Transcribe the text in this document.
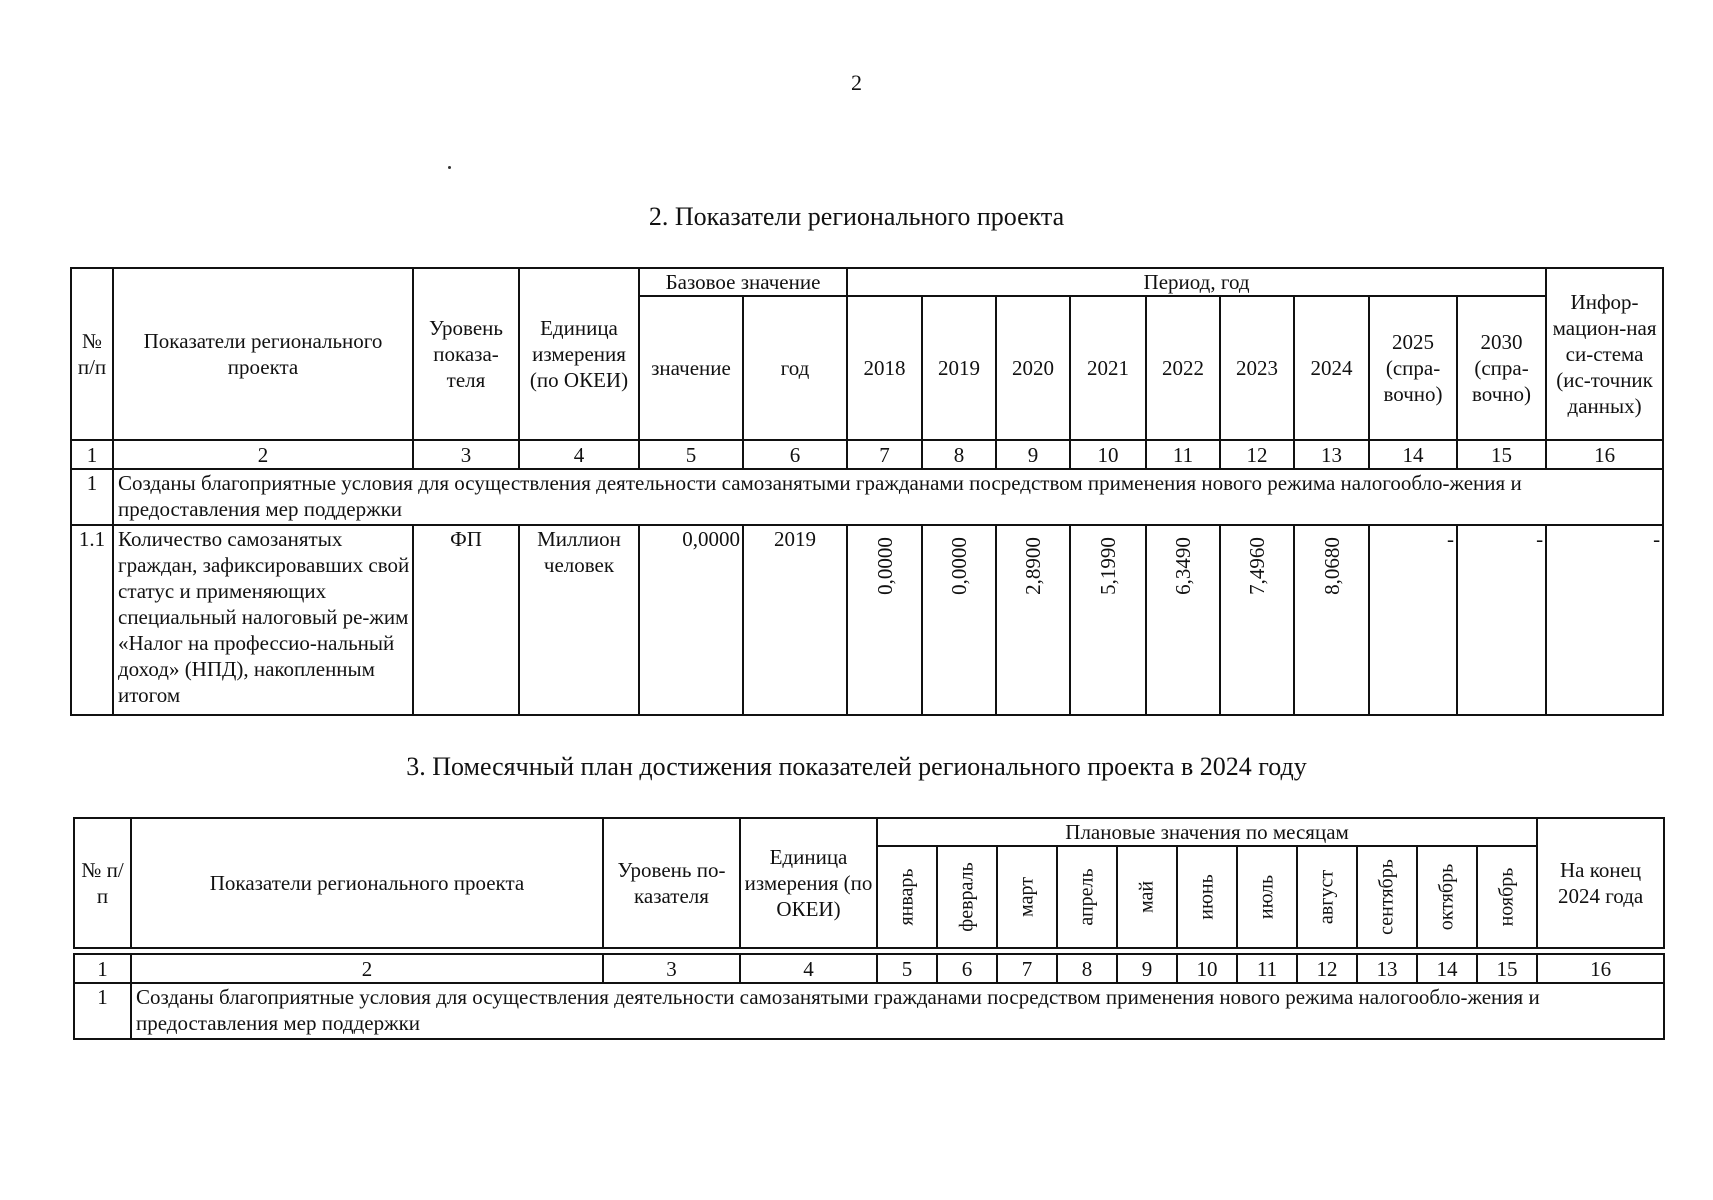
2
2. Показатели регионального проекта
№ п/п	Показатели регионального проекта	Уровень показа-теля	Единица измерения (по ОКЕИ)	Базовое значение		Период, год									Инфор-мацион-ная си-стема (ис-точник данных)
				значение	год	2018	2019	2020	2021	2022	2023	2024	2025 (спра-вочно)	2030 (спра-вочно)	
1	2	3	4	5	6	7	8	9	10	11	12	13	14	15	16
1	Созданы благоприятные условия для осуществления деятельности самозанятыми гражданами посредством применения нового режима налогообло-жения и предоставления мер поддержки														
1.1	Количество самозанятых граждан, зафиксировавших свой статус и применяющих специальный налоговый ре-жим «Налог на профессио-нальный доход» (НПД), накопленным итогом	ФП	Миллион человек	0,0000	2019	0,0000	0,0000	2,8900	5,1990	6,3490	7,4960	8,0680	-	-	-
3. Помесячный план достижения показателей регионального проекта в 2024 году
№ п/п	Показатели регионального проекта	Уровень по-казателя	Единица измерения (по ОКЕИ)	Плановые значения по месяцам											На конец 2024 года

				январь	февраль	март	апрель	май	июнь	июль	август	сентябрь	октябрь	ноябрь	

1	2	3	4	5	6	7	8	9	10	11	12	13	14	15	16
1	Созданы благоприятные условия для осуществления деятельности самозанятыми гражданами посредством применения нового режима налогообло-жения и предоставления мер поддержки														
